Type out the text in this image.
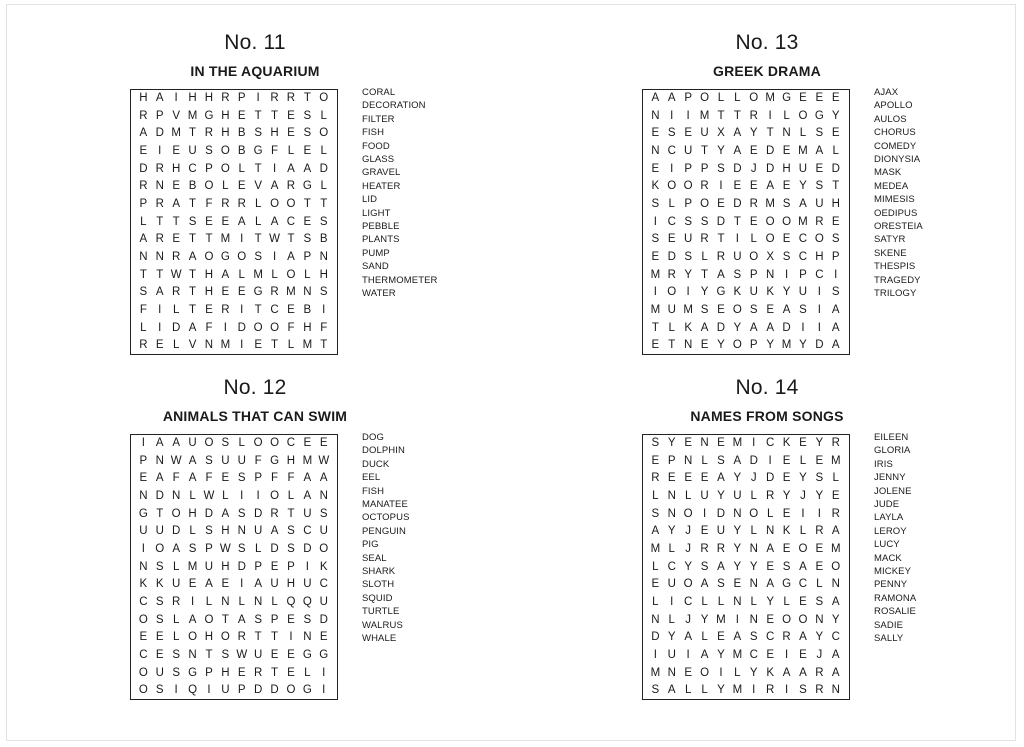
No. 11
IN THE AQUARIUM
H A I H H R P I R R T O
R P V M G H E T T E S L
A D M T R H B S H E S O
E I E U S O B G F L E L
D R H C P O L T I A A D
R N E B O L E V A R G L
P R A T F R R L O O T T
L T T S E E A L A C E S
A R E T T M I T W T S B
N N R A O G O S I A P N
T T W T H A L M L O L H
S A R T H E E G R M N S
F I	L T E R I T C E B I
L	I D A F I D O O F H F
R E L V N M I E T L M T
CORAL
DECORATION
FILTER
FISH
FOOD
GLASS
GRAVEL
HEATER
LID
LIGHT
PEBBLE
PLANTS
PUMP
SAND
THERMOMETER
WATER
No. 13
GREEK DRAMA
A A P O L L O M G E E E
N I	I M T T R I	L O G Y
E S E U X A Y T N L S E
N C U T Y A E D E M A L
E I P P S D J D H U E D
K O O R I E E A E Y S T
S L P O E D R M S A U H
I C S S D T E O O M R E
S E U R T I	L O E C O S
E D S L R U O X S C H P
M R Y T A S P N I P C I
I O I Y G K U K Y U I S
M U M S E O S E A S I A
T L K A D Y A A D I	I A
E T N E Y O P Y M Y D A
AJAX
APOLLO
AULOS
CHORUS
COMEDY
DIONYSIA
MASK
MEDEA
MIMESIS
OEDIPUS
ORESTEIA
SATYR
SKENE
THESPIS
TRAGEDY
TRILOGY
No. 12
ANIMALS THAT CAN SWIM
I A A U O S L O O C E E
P N W A S U U F G H M W
E A F A F E S P F F A A
N D N L W L	I	I O L A N
G T O H D A S D R T U S
U U D L S H N U A S C U
I O A S P W S L D S D O
N S L M U H D P E P I K
K K U E A E I A U H U C
C S R I	L N L N L Q Q U
O S L A O T A S P E S D
E E L O H O R T T I N E
C E S N T S W U E E G G
O U S G P H E R T E L	I
O S I Q I U P D D O G I
DOG
DOLPHIN
DUCK
EEL
FISH
MANATEE
OCTOPUS
PENGUIN
PIG
SEAL
SHARK
SLOTH
SQUID
TURTLE
WALRUS
WHALE
No. 14
NAMES FROM SONGS
S Y E N E M I C K E Y R
E P N L S A D I E L E M
R E E E A Y J D E Y S L
L N L U Y U L R Y J Y E
S N O I D N O L E I	I R
A Y J E U Y L N K L R A
M L J R R Y N A E O E M
L C Y S A Y Y E S A E O
E U O A S E N A G C L N
L	I C L L N L Y L E S A
N L J Y M I N E O O N Y
D Y A L E A S C R A Y C
I U I A Y M C E I E J A
M N E O I	L Y K A A R A
S A L L Y M I R I S R N
EILEEN
GLORIA
IRIS
JENNY
JOLENE
JUDE
LAYLA
LEROY
LUCY
MACK
MICKEY
PENNY
RAMONA
ROSALIE
SADIE
SALLY
